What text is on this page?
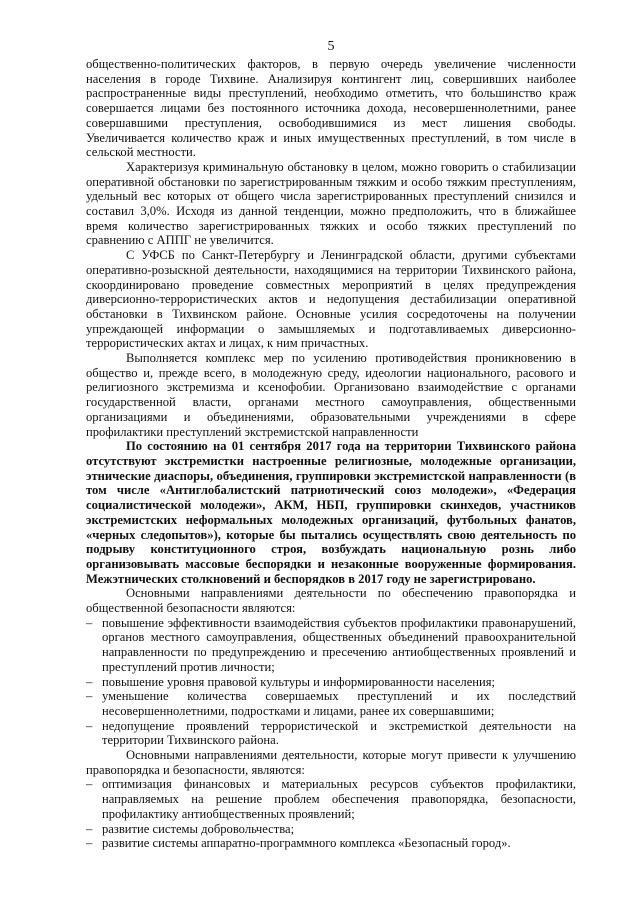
5

общественно-политических факторов, в первую очередь увеличение численности населения в городе Тихвине. Анализируя контингент лиц, совершивших наиболее распространенные виды преступлений, необходимо отметить, что большинство краж совершается лицами без постоянного источника дохода, несовершеннолетними, ранее совершавшими преступления, освободившимися из мест лишения свободы. Увеличивается количество краж и иных имущественных преступлений, в том числе в сельской местности.

Характеризуя криминальную обстановку в целом, можно говорить о стабилизации оперативной обстановки по зарегистрированным тяжким и особо тяжким преступлениям, удельный вес которых от общего числа зарегистрированных преступлений снизился и составил 3,0%. Исходя из данной тенденции, можно предположить, что в ближайшее время количество зарегистрированных тяжких и особо тяжких преступлений по сравнению с АППГ не увеличится.

С УФСБ по Санкт-Петербургу и Ленинградской области, другими субъектами оперативно-розыскной деятельности, находящимися на территории Тихвинского района, скоординировано проведение совместных мероприятий в целях предупреждения диверсионно-террористических актов и недопущения дестабилизации оперативной обстановки в Тихвинском районе. Основные усилия сосредоточены на получении упреждающей информации о замышляемых и подготавливаемых диверсионно- террористических актах и лицах, к ним причастных.

Выполняется комплекс мер по усилению противодействия проникновению в общество и, прежде всего, в молодежную среду, идеологии национального, расового и религиозного экстремизма и ксенофобии. Организовано взаимодействие с органами государственной власти, органами местного самоуправления, общественными организациями и объединениями, образовательными учреждениями в сфере профилактики преступлений экстремистской направленности

По состоянию на 01 сентября 2017 года на территории Тихвинского района отсутствуют экстремистки настроенные религиозные, молодежные организации, этнические диаспоры, объединения, группировки экстремистской направленности (в том числе «Антиглобалистский патриотический союз молодежи», «Федерация социалистической молодежи», АКМ, НБП, группировки скинхедов, участников экстремистских неформальных молодежных организаций, футбольных фанатов, «черных следопытов»), которые бы пытались осуществлять свою деятельность по подрыву конституционного строя, возбуждать национальную рознь либо организовывать массовые беспорядки и незаконные вооруженные формирования. Межэтнических столкновений и беспорядков в 2017 году не зарегистрировано.

Основными направлениями деятельности по обеспечению правопорядка и общественной безопасности являются:

– повышение эффективности взаимодействия субъектов профилактики правонарушений, органов местного самоуправления, общественных объединений правоохранительной направленности по предупреждению и пресечению антиобщественных проявлений и преступлений против личности;

– повышение уровня правовой культуры и информированности населения;

– уменьшение количества совершаемых преступлений и их последствий несовершеннолетними, подростками и лицами, ранее их совершавшими;

– недопущение проявлений террористической и экстремисткой деятельности на территории Тихвинского района.

Основными направлениями деятельности, которые могут привести к улучшению правопорядка и безопасности, являются:

– оптимизация финансовых и материальных ресурсов субъектов профилактики, направляемых на решение проблем обеспечения правопорядка, безопасности, профилактику антиобщественных проявлений;

– развитие системы добровольчества;

– развитие системы аппаратно-программного комплекса «Безопасный город».
